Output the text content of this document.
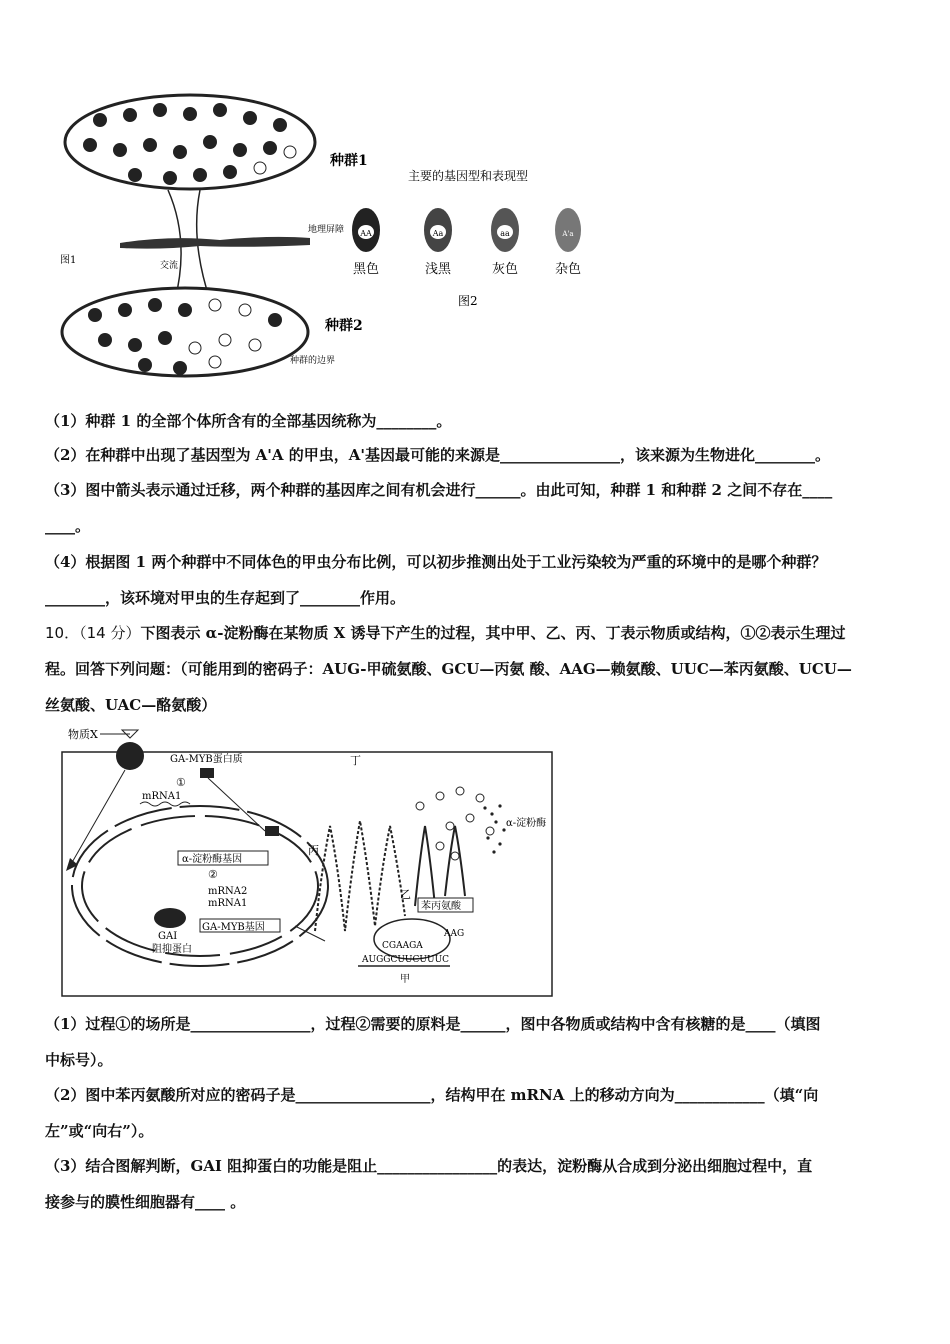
种群1
种群2
地理屏障
交流
种群的边界
图1
主要的基因型和表现型
AA
黑色
Aa
浅黑
aa
灰色
A'a
杂色
图2
（1）种群 1 的全部个体所含有的全部基因统称为________。
（2）在种群中出现了基因型为 A'A 的甲虫，A'基因最可能的来源是________________，该来源为生物进化________。
（3）图中箭头表示通过迁移，两个种群的基因库之间有机会进行______。由此可知，种群 1 和种群 2 之间不存在____
____。
（4）根据图 1 两个种群中不同体色的甲虫分布比例，可以初步推测出处于工业污染较为严重的环境中的是哪个种群？
________，该环境对甲虫的生存起到了________作用。
10．（14 分）下图表示 α-淀粉酶在某物质 X 诱导下产生的过程，其中甲、乙、丙、丁表示物质或结构，①②表示生理过
程。回答下列问题：（可能用到的密码子：AUG-甲硫氨酸、GCU—丙氨 酸、AAG—赖氨酸、UUC—苯丙氨酸、UCU—
丝氨酸、UAC—酪氨酸）
物质X
GA-MYB蛋白质
①
mRNA1
α-淀粉酶基因
②
mRNA2
mRNA1
GA-MYB基因
GAI
阻抑蛋白
丁
丙
乙
α-淀粉酶
苯丙氨酸
AAG
CGAAGA
AUGGCUUCUUUC
甲
（1）过程①的场所是________________，过程②需要的原料是______，图中各物质或结构中含有核糖的是____（填图
中标号）。
（2）图中苯丙氨酸所对应的密码子是__________________，结构甲在 mRNA 上的移动方向为____________（填“向
左”或“向右”）。
（3）结合图解判断，GAI 阻抑蛋白的功能是阻止________________的表达，淀粉酶从合成到分泌出细胞过程中，直
接参与的膜性细胞器有____ 。
